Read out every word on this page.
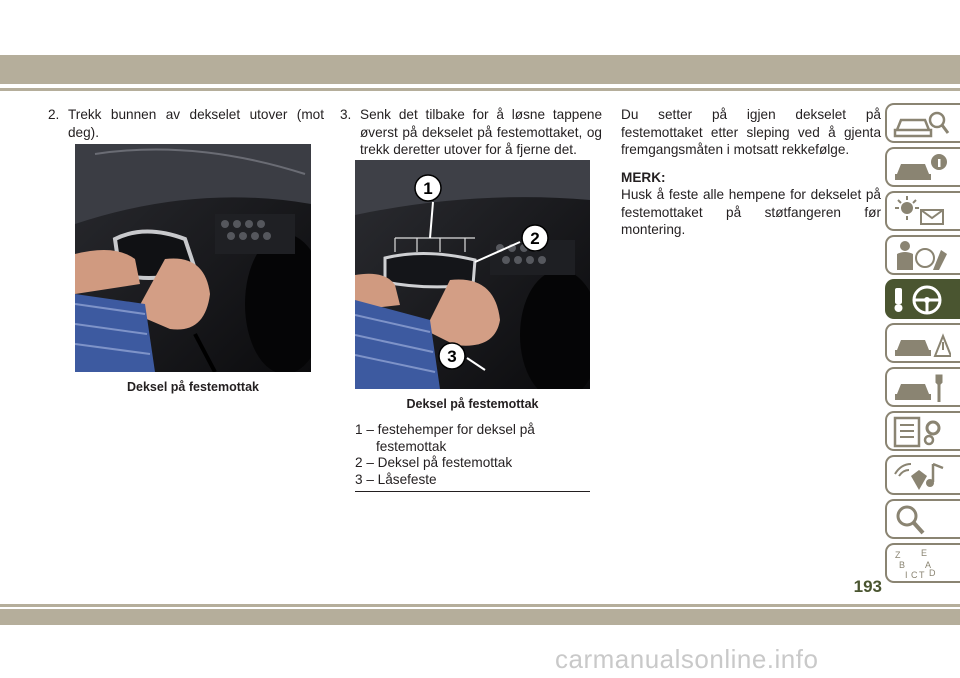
2. Trekk bunnen av dekselet utover (mot deg).

Deksel på festemottak

3. Senk det tilbake for å løsne tappene øverst på dekselet på festemottaket, og trekk deretter utover for å fjerne det.

1
2
3
Deksel på festemottak
1 – festehemper for deksel på festemottak
2 – Deksel på festemottak
3 – Låsefeste

Du setter på igjen dekselet på festemottaket etter sleping ved å gjenta fremgangsmåten i motsatt rekkefølge.

MERK:

Husk å feste alle hempene for dekselet på festemottaket på støtfangeren før montering.

Z E
B A
I C T D
193
carmanualsonline.info
